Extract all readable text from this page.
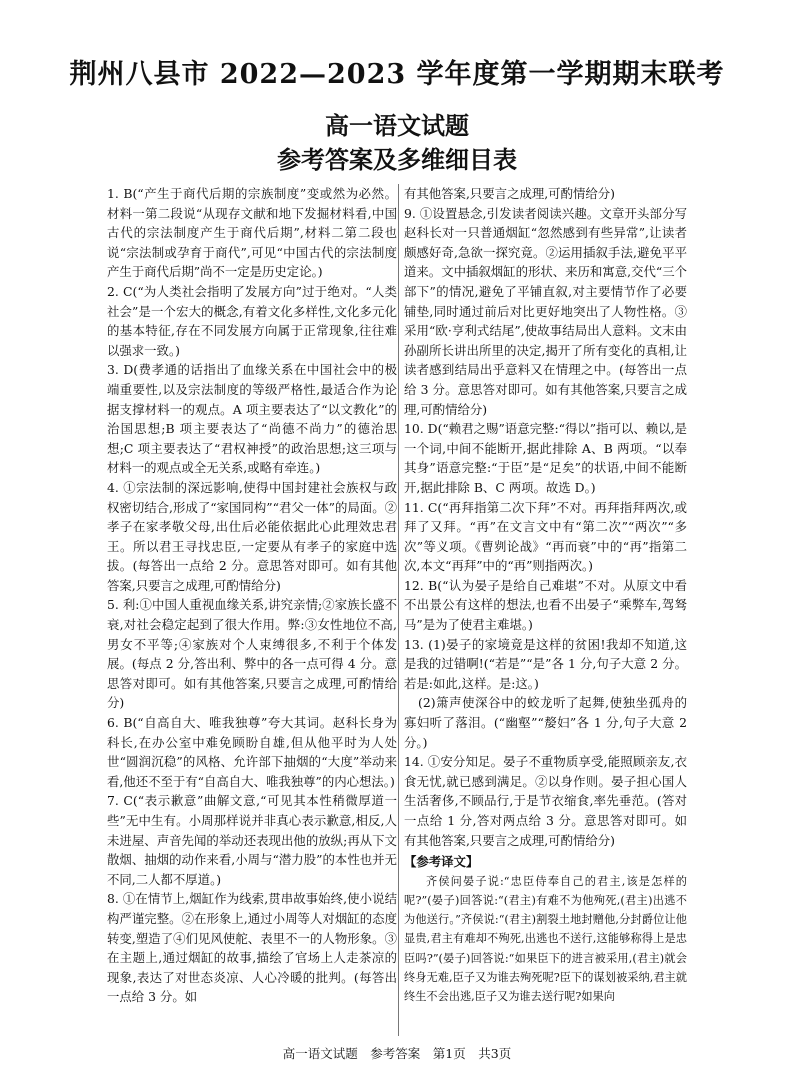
荆州八县市 2022—2023 学年度第一学期期末联考
高一语文试题
参考答案及多维细目表

1. B(“产生于商代后期的宗族制度”变或然为必然。材料一第二段说“从现存文献和地下发掘材料看,中国古代的宗法制度产生于商代后期”,材料二第二段也说“宗法制或孕育于商代”,可见“中国古代的宗法制度产生于商代后期”尚不一定是历史定论。)

2. C(“为人类社会指明了发展方向”过于绝对。“人类社会”是一个宏大的概念,有着文化多样性,文化多元化的基本特征,存在不同发展方向属于正常现象,往往难以强求一致。)

3. D(费孝通的话指出了血缘关系在中国社会中的极端重要性,以及宗法制度的等级严格性,最适合作为论据支撑材料一的观点。A 项主要表达了“以文教化”的治国思想;B 项主要表达了“尚德不尚力”的德治思想;C 项主要表达了“君权神授”的政治思想;这三项与材料一的观点或全无关系,或略有牵连。)

4. ①宗法制的深远影响,使得中国封建社会族权与政权密切结合,形成了“家国同构”“君父一体”的局面。②孝子在家孝敬父母,出仕后必能依据此心此理效忠君王。所以君王寻找忠臣,一定要从有孝子的家庭中选拔。(每答出一点给 2 分。意思答对即可。如有其他答案,只要言之成理,可酌情给分)

5. 利:①中国人重视血缘关系,讲究亲情;②家族长盛不衰,对社会稳定起到了很大作用。弊:③女性地位不高,男女不平等;④家族对个人束缚很多,不利于个体发展。(每点 2 分,答出利、弊中的各一点可得 4 分。意思答对即可。如有其他答案,只要言之成理,可酌情给分)

6. B(“自高自大、唯我独尊”夸大其词。赵科长身为科长,在办公室中难免顾盼自雄,但从他平时为人处世“圆润沉稳”的风格、允许部下抽烟的“大度”举动来看,他还不至于有“自高自大、唯我独尊”的内心想法。)

7. C(“表示歉意”曲解文意,“可见其本性稍微厚道一些”无中生有。小周那样说并非真心表示歉意,相反,人未进屋、声音先闻的举动还表现出他的放纵;再从下文散烟、抽烟的动作来看,小周与“潜力股”的本性也并无不同,二人都不厚道。)

8. ①在情节上,烟缸作为线索,贯串故事始终,使小说结构严谨完整。②在形象上,通过小周等人对烟缸的态度转变,塑造了④们见风使舵、表里不一的人物形象。③在主题上,通过烟缸的故事,描绘了官场上人走茶凉的现象,表达了对世态炎凉、人心冷暖的批判。(每答出一点给 3 分。如

有其他答案,只要言之成理,可酌情给分)

9. ①设置悬念,引发读者阅读兴趣。文章开头部分写赵科长对一只普通烟缸“忽然感到有些异常”,让读者颇感好奇,急欲一探究竟。②运用插叙手法,避免平平道来。文中插叙烟缸的形状、来历和寓意,交代“三个部下”的情况,避免了平铺直叙,对主要情节作了必要铺垫,同时通过前后对比更好地突出了人物性格。③采用“欧·亨利式结尾”,使故事结局出人意料。文末由孙副所长讲出所里的决定,揭开了所有变化的真相,让读者感到结局出乎意料又在情理之中。(每答出一点给 3 分。意思答对即可。如有其他答案,只要言之成理,可酌情给分)

10. D(“赖君之赐”语意完整:“得以”指可以、赖以,是一个词,中间不能断开,据此排除 A、B 两项。“以奉其身”语意完整:“于臣”是“足矣”的状语,中间不能断开,据此排除 B、C 两项。故选 D。)

11. C(“再拜指第二次下拜”不对。再拜指拜两次,或拜了又拜。“再”在文言文中有“第二次”“两次”“多次”等义项。《曹刿论战》“再而衰”中的“再”指第二次,本文“再拜”中的“再”则指两次。)

12. B(“认为晏子是给自己难堪”不对。从原文中看不出景公有这样的想法,也看不出晏子“乘弊车,驾驽马”是为了使君主难堪。)

13. (1)晏子的家境竟是这样的贫困!我却不知道,这是我的过错啊!(“若是”“是”各 1 分,句子大意 2 分。若是:如此,这样。是:这。)

(2)箫声使深谷中的蛟龙听了起舞,使独坐孤舟的寡妇听了落泪。(“幽壑”“嫠妇”各 1 分,句子大意 2 分。)

14. ①安分知足。晏子不重物质享受,能照顾亲友,衣食无忧,就已感到满足。②以身作则。晏子担心国人生活奢侈,不顾品行,于是节衣缩食,率先垂范。(答对一点给 1 分,答对两点给 3 分。意思答对即可。如有其他答案,只要言之成理,可酌情给分)

【参考译文】

齐侯问晏子说:“忠臣侍奉自己的君主,该是怎样的呢?”(晏子)回答说:“(君主)有难不为他殉死,(君主)出逃不为他送行。”齐侯说:“(君主)割裂土地封赠他,分封爵位让他显贵,君主有难却不殉死,出逃也不送行,这能够称得上是忠臣吗?”(晏子)回答说:“如果臣下的进言被采用,(君主)就会终身无难,臣子又为谁去殉死呢?臣下的谋划被采纳,君主就终生不会出逃,臣子又为谁去送行呢?如果向

高一语文试题　参考答案　第1页　共3页
